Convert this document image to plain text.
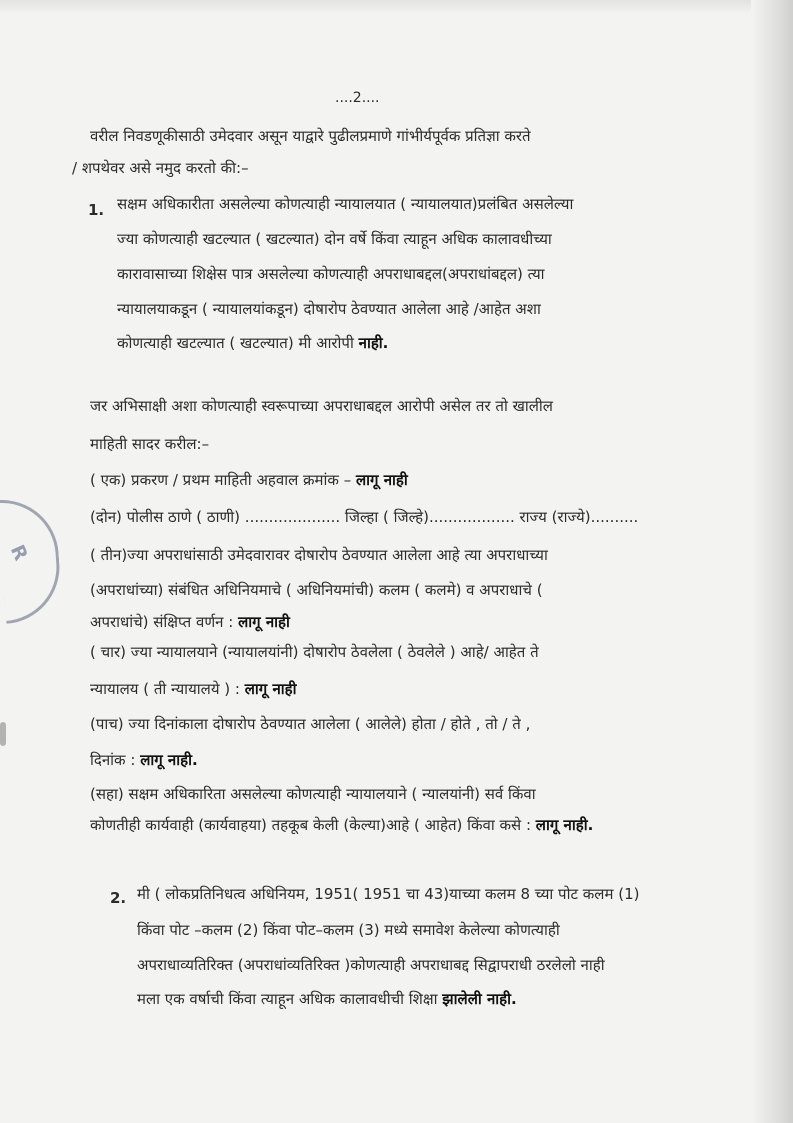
R
....2....
वरील निवडणूकीसाठी उमेदवार असून याद्वारे पुढीलप्रमाणे गांभीर्यपूर्वक प्रतिज्ञा करते
/ शपथेवर असे नमुद करतो की:–
1. सक्षम अधिकारीता असलेल्या कोणत्याही न्यायालयात ( न्यायालयात)प्रलंबित असलेल्या
ज्या कोणत्याही खटल्यात ( खटल्यात) दोन वर्षे किंवा त्याहून अधिक कालावधीच्या
कारावासाच्या शिक्षेस पात्र असलेल्या कोणत्याही अपराधाबद्दल(अपराधांबद्दल) त्या
न्यायालयाकडून ( न्यायालयांकडून) दोषारोप ठेवण्यात आलेला आहे /आहेत अशा
कोणत्याही खटल्यात ( खटल्यात) मी आरोपी नाही.
जर अभिसाक्षी अशा कोणत्याही स्वरूपाच्या अपराधाबद्दल आरोपी असेल तर तो खालील
माहिती सादर करील:–
( एक) प्रकरण / प्रथम माहिती अहवाल क्रमांक – लागू नाही
(दोन) पोलीस ठाणे ( ठाणी) .................... जिल्हा ( जिल्हे).................. राज्य (राज्ये)..........
( तीन)ज्या अपराधांसाठी उमेदवारावर दोषारोप ठेवण्यात आलेला आहे त्या अपराधाच्या
(अपराधांच्या) संबंधित अधिनियमाचे ( अधिनियमांची) कलम ( कलमे) व अपराधाचे (
अपराधांचे) संक्षिप्त वर्णन : लागू नाही
( चार) ज्या न्यायालयाने (न्यायालयांनी) दोषारोप ठेवलेला ( ठेवलेले ) आहे/ आहेत ते
न्यायालय ( ती न्यायालये ) : लागू नाही
(पाच) ज्या दिनांकाला दोषारोप ठेवण्यात आलेला ( आलेले) होता / होते , तो / ते ,
दिनांक : लागू नाही.
(सहा) सक्षम अधिकारिता असलेल्या कोणत्याही न्यायालयाने ( न्यालयांनी) सर्व किंवा
कोणतीही कार्यवाही (कार्यवाहया) तहकूब केली (केल्या)आहे ( आहेत) किंवा कसे : लागू नाही.
2. मी ( लोकप्रतिनिधत्व अधिनियम, 1951( 1951 चा 43)याच्या कलम 8 च्या पोट कलम (1)
किंवा पोट –कलम (2) किंवा पोट–कलम (3) मध्ये समावेश केलेल्या कोणत्याही
अपराधाव्यतिरिक्त (अपराधांव्यतिरिक्त )कोणत्याही अपराधाबद्द सिद्वापराधी ठरलेलो नाही
मला एक वर्षाची किंवा त्याहून अधिक कालावधीची शिक्षा झालेली नाही.
